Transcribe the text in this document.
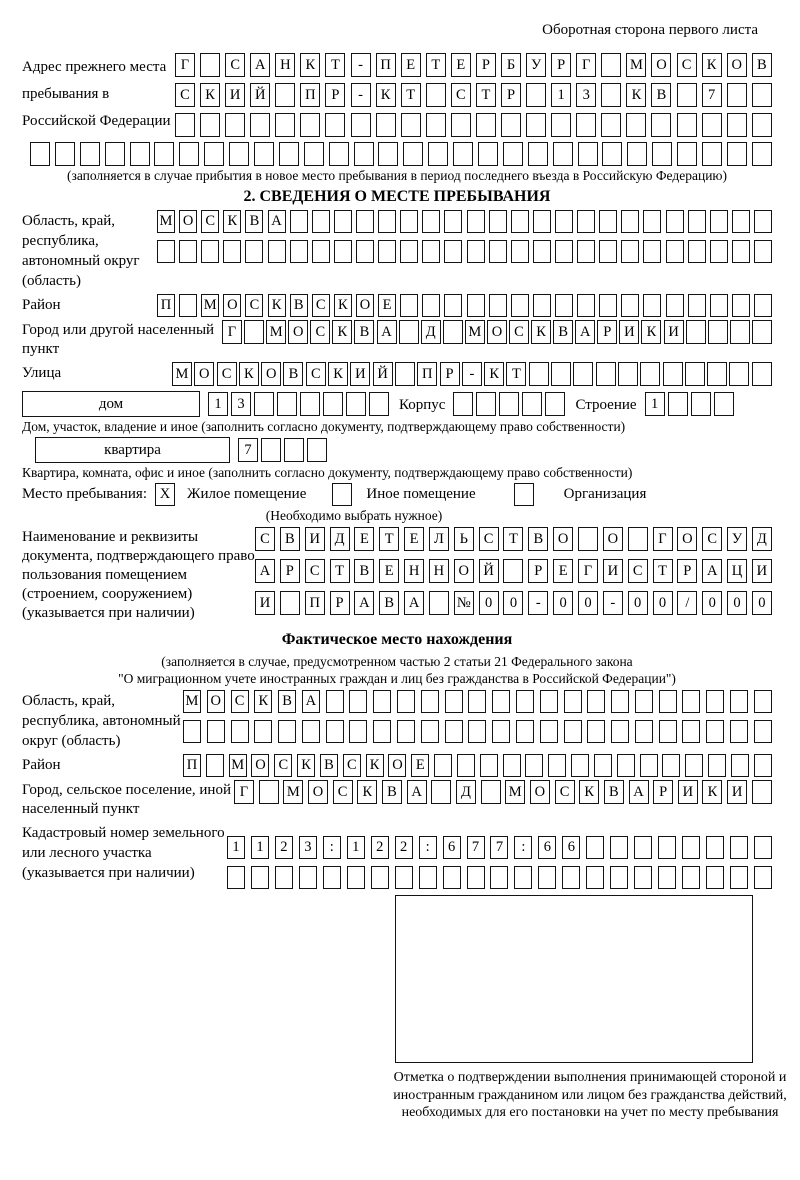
Оборотная сторона первого листа
Адрес прежнего места пребывания в Российской Федерации
Г	С	А	Н	К	Т	-	П	Е	Т	Е	Р	Б	У	Р	Г	М О	С	К	О	В
С	К	И	Й	П	Р	-	К	Т	С	Т	Р	1	3	К	В	7
(заполняется в случае прибытия в новое место пребывания в период последнего въезда в Российскую Федерацию)
2. СВЕДЕНИЯ О МЕСТЕ ПРЕБЫВАНИЯ
Область, край, республика, автономный округ (область)
М О С К В А
Район	П М О С К В С К О Е
Город или другой населенный пункт
Г	М О С К В А	Д	М О С К В А Р И К И
Улица	М О С К О В С К И Й	П Р	-	К Т
дом	1	3	Корпус	Строение 1
Дом, участок, владение и иное (заполнить согласно документу, подтверждающему право собственности)
квартира	7
Квартира, комната, офис и иное (заполнить согласно документу, подтверждающему право собственности)
Место пребывания: X	Жилое помещение	Иное помещение	Организация
(Необходимо выбрать нужное)
Наименование и реквизиты документа, подтверждающего право пользования помещением (строением, сооружением) (указывается при наличии)
С	В	И	Д	Е	Т	Е	Л	Ь	С	Т	В	О	О	Г	О	С	У	Д
А	Р	С	Т	В	Е	Н Н О Й	Р	Е	Г	И	С	Т	Р	А Ц И
И	П	Р	А	В	А	№ 0	0	-	0	0	-	0	0	/	0	0	0
Фактическое место нахождения
(заполняется в случае, предусмотренном частью 2 статьи 21 Федерального закона
"О миграционном учете иностранных граждан и лиц без гражданства в Российской Федерации")
Область, край, республика, автономный округ (область)
М О С К В А
Район	П М О С К В С К О Е
Город, сельское поселение, иной населенный пункт
Г	М О	С	К	В	А	Д	М О	С	К	В	А	Р	И	К	И
Кадастровый номер земельного или лесного участка (указывается при наличии)
1	1	2	3	:	1	2	2	:	6	7	7	:	6	6
Отметка о подтверждении выполнения принимающей стороной и иностранным гражданином или лицом без гражданства действий, необходимых для его постановки на учет по месту пребывания
